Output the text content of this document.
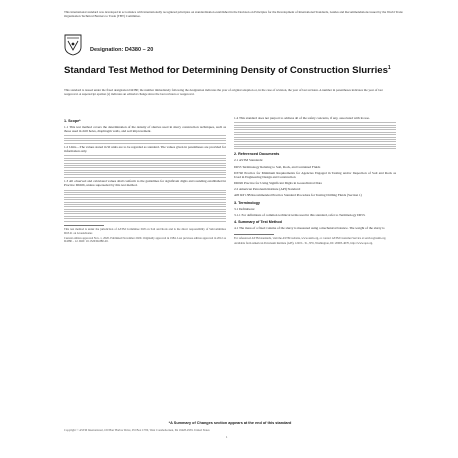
This international standard was developed in accordance with internationally recognized principles on standardization established in the Decision on Principles for the Development of International Standards, Guides and Recommendations issued by the World Trade Organization Technical Barriers to Trade (TBT) Committee.
Designation: D4380 – 20
Standard Test Method for Determining Density of Construction Slurries$^1$
This standard is issued under the fixed designation D4380; the number immediately following the designation indicates the year of original adoption or, in the case of revision, the year of last revision. A number in parentheses indicates the year of last reapproval. A superscript epsilon (ε) indicates an editorial change since the last revision or reapproval.
1. Scope*
1.1 This test method covers the determination of the density of slurries used in slurry construction techniques, such as those used in drill holes, diaphragm walls, and soil improvement.
1.2 Units—The values stated in SI units are to be regarded as standard. The values given in parentheses are provided for information only.
1.3 All observed and calculated values shall conform to the guidelines for significant digits and rounding established in Practice D6026, unless superseded by this test method.
This test method is under the jurisdiction of ASTM Committee D18 on Soil and Rock and is the direct responsibility of Subcommittee D18.21 on Groundwater.
Current edition approved Nov. 1, 2020. Published November 2020. Originally approved in 1984. Last previous edition approved in 2012 as D4380 – 12. DOI: 10.1520/D4380-20.
1.4 This standard does not purport to address all of the safety concerns, if any, associated with its use.
2. Referenced Documents
2.1 ASTM Standards:
D653 Terminology Relating to Soil, Rock, and Contained Fluids
D3740 Practice for Minimum Requirements for Agencies Engaged in Testing and/or Inspection of Soil and Rock as Used in Engineering Design and Construction
D6026 Practice for Using Significant Digits in Geotechnical Data
2.2 American Petroleum Institute (API) Standard:
API RP 13B Recommended Practice Standard Procedure for Testing Drilling Fluids (Section 1)
3. Terminology
3.1 Definitions:
3.1.1 For definitions of common technical terms used in this standard, refer to Terminology D653.
4. Summary of Test Method
4.1 The mass of a fixed volume of the slurry is measured using a mechanical balance. The weight of the slurry is
For referenced ASTM standards, visit the ASTM website, www.astm.org, or contact ASTM Customer Service at service@astm.org.
Available from American Petroleum Institute (API), 1220 L. St., NW, Washington, DC 20005-4070, http://www.api.org.
*A Summary of Changes section appears at the end of this standard
Copyright © ASTM International, 100 Barr Harbor Drive, PO Box C700, West Conshohocken, PA 19428-2959. United States
1
